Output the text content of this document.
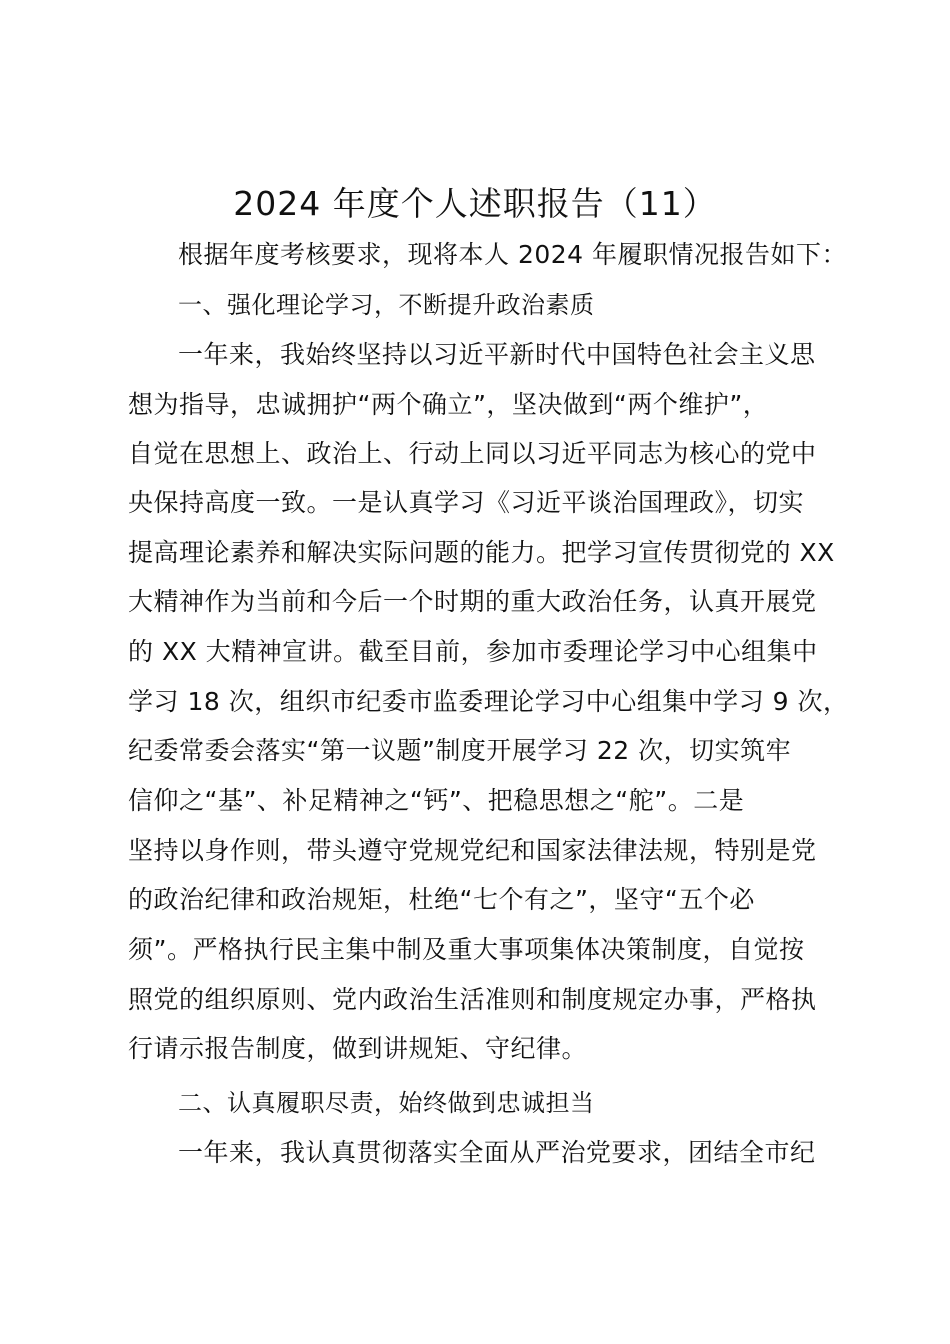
2024 年度个人述职报告（11）
根据年度考核要求，现将本人 2024 年履职情况报告如下：
一、强化理论学习，不断提升政治素质
一年来，我始终坚持以习近平新时代中国特色社会主义思
想为指导，忠诚拥护“两个确立”，坚决做到“两个维护”，
自觉在思想上、政治上、行动上同以习近平同志为核心的党中
央保持高度一致。一是认真学习《习近平谈治国理政》，切实
提高理论素养和解决实际问题的能力。把学习宣传贯彻党的 XX
大精神作为当前和今后一个时期的重大政治任务，认真开展党
的 XX 大精神宣讲。截至目前，参加市委理论学习中心组集中
学习 18 次，组织市纪委市监委理论学习中心组集中学习 9 次，
纪委常委会落实“第一议题”制度开展学习 22 次，切实筑牢
信仰之“基”、补足精神之“钙”、把稳思想之“舵”。二是
坚持以身作则，带头遵守党规党纪和国家法律法规，特别是党
的政治纪律和政治规矩，杜绝“七个有之”，坚守“五个必
须”。严格执行民主集中制及重大事项集体决策制度，自觉按
照党的组织原则、党内政治生活准则和制度规定办事，严格执
行请示报告制度，做到讲规矩、守纪律。
二、认真履职尽责，始终做到忠诚担当
一年来，我认真贯彻落实全面从严治党要求，团结全市纪
